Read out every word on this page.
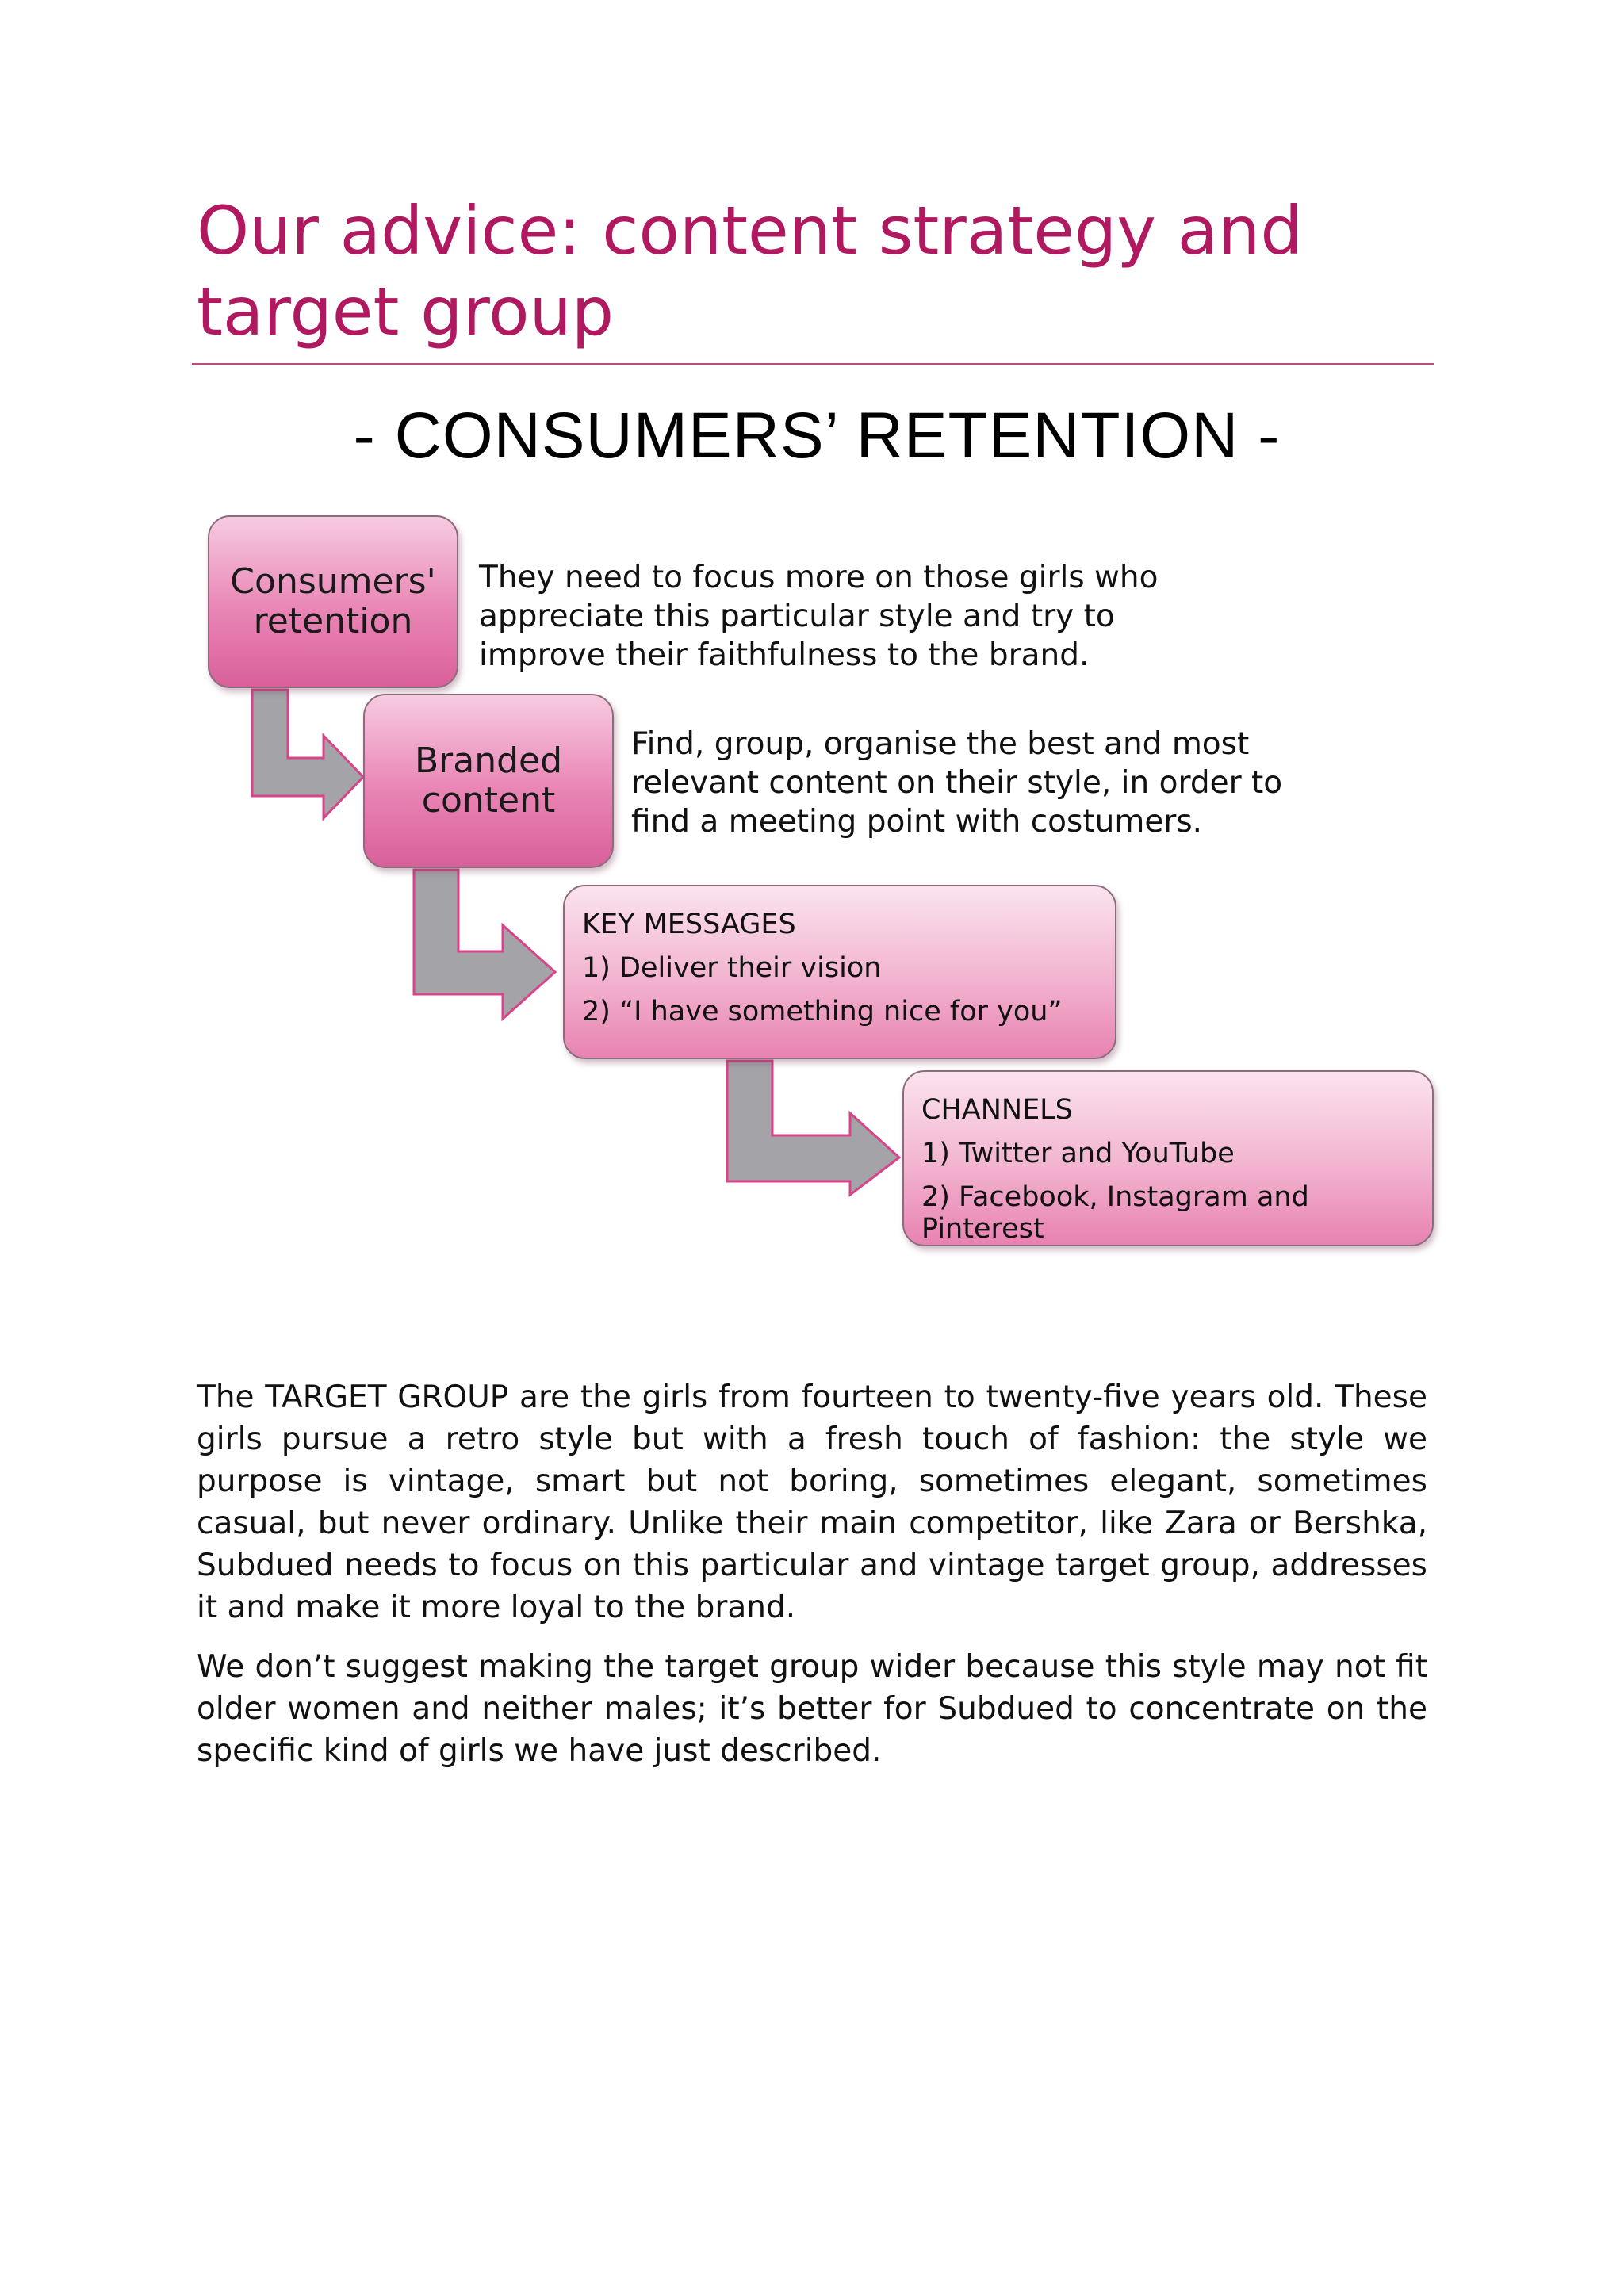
Our advice: content strategy and target group
- CONSUMERS’ RETENTION -
Consumers'
retention
They need to focus more on those girls who
appreciate this particular style and try to
improve their faithfulness to the brand.
Branded
content
Find, group, organise the best and most
relevant content on their style, in order to
find a meeting point with costumers.
KEY MESSAGES
1) Deliver their vision
2) “I have something nice for you”
CHANNELS
1) Twitter and YouTube
2) Facebook, Instagram and
Pinterest

The TARGET GROUP are the girls from fourteen to twenty-five years old. These girls pursue a retro style but with a fresh touch of fashion: the style we purpose is vintage, smart but not boring, sometimes elegant, sometimes casual, but never ordinary. Unlike their main competitor, like Zara or Bershka, Subdued needs to focus on this particular and vintage target group, addresses it and make it more loyal to the brand.

We don’t suggest making the target group wider because this style may not fit older women and neither males; it’s better for Subdued to concentrate on the specific kind of girls we have just described.
